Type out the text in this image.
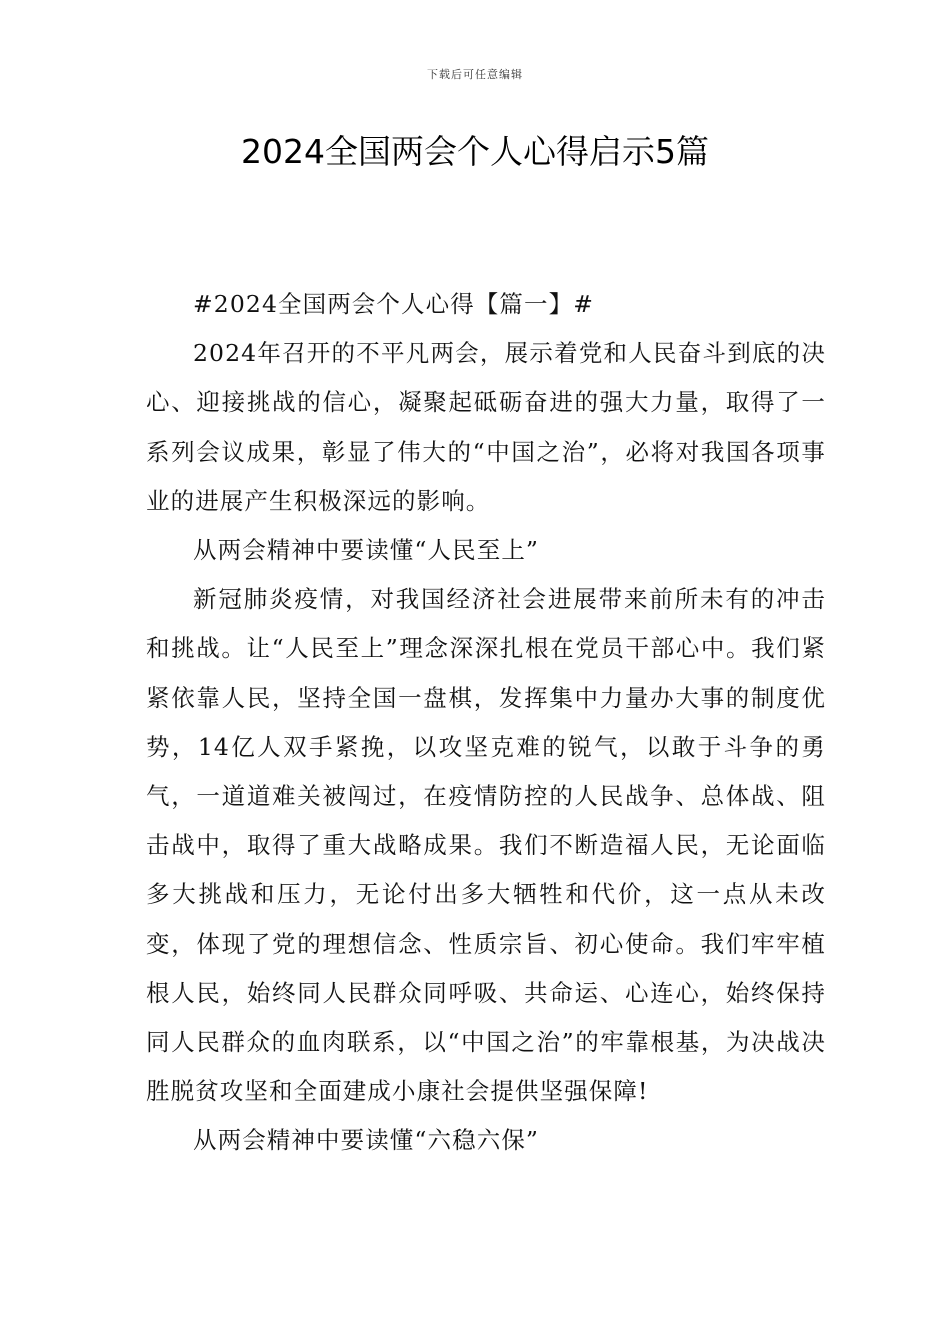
下载后可任意编辑
2024全国两会个人心得启示5篇

#2024全国两会个人心得【篇一】#

2024年召开的不平凡两会，展示着党和人民奋斗到底的决心、迎接挑战的信心，凝聚起砥砺奋进的强大力量，取得了一系列会议成果，彰显了伟大的“中国之治”，必将对我国各项事业的进展产生积极深远的影响。

从两会精神中要读懂“人民至上”

新冠肺炎疫情，对我国经济社会进展带来前所未有的冲击和挑战。让“人民至上”理念深深扎根在党员干部心中。我们紧紧依靠人民，坚持全国一盘棋，发挥集中力量办大事的制度优势，14亿人双手紧挽，以攻坚克难的锐气，以敢于斗争的勇气，一道道难关被闯过，在疫情防控的人民战争、总体战、阻击战中，取得了重大战略成果。我们不断造福人民，无论面临多大挑战和压力，无论付出多大牺牲和代价，这一点从未改变，体现了党的理想信念、性质宗旨、初心使命。我们牢牢植根人民，始终同人民群众同呼吸、共命运、心连心，始终保持同人民群众的血肉联系，以“中国之治”的牢靠根基，为决战决胜脱贫攻坚和全面建成小康社会提供坚强保障!

从两会精神中要读懂“六稳六保”
